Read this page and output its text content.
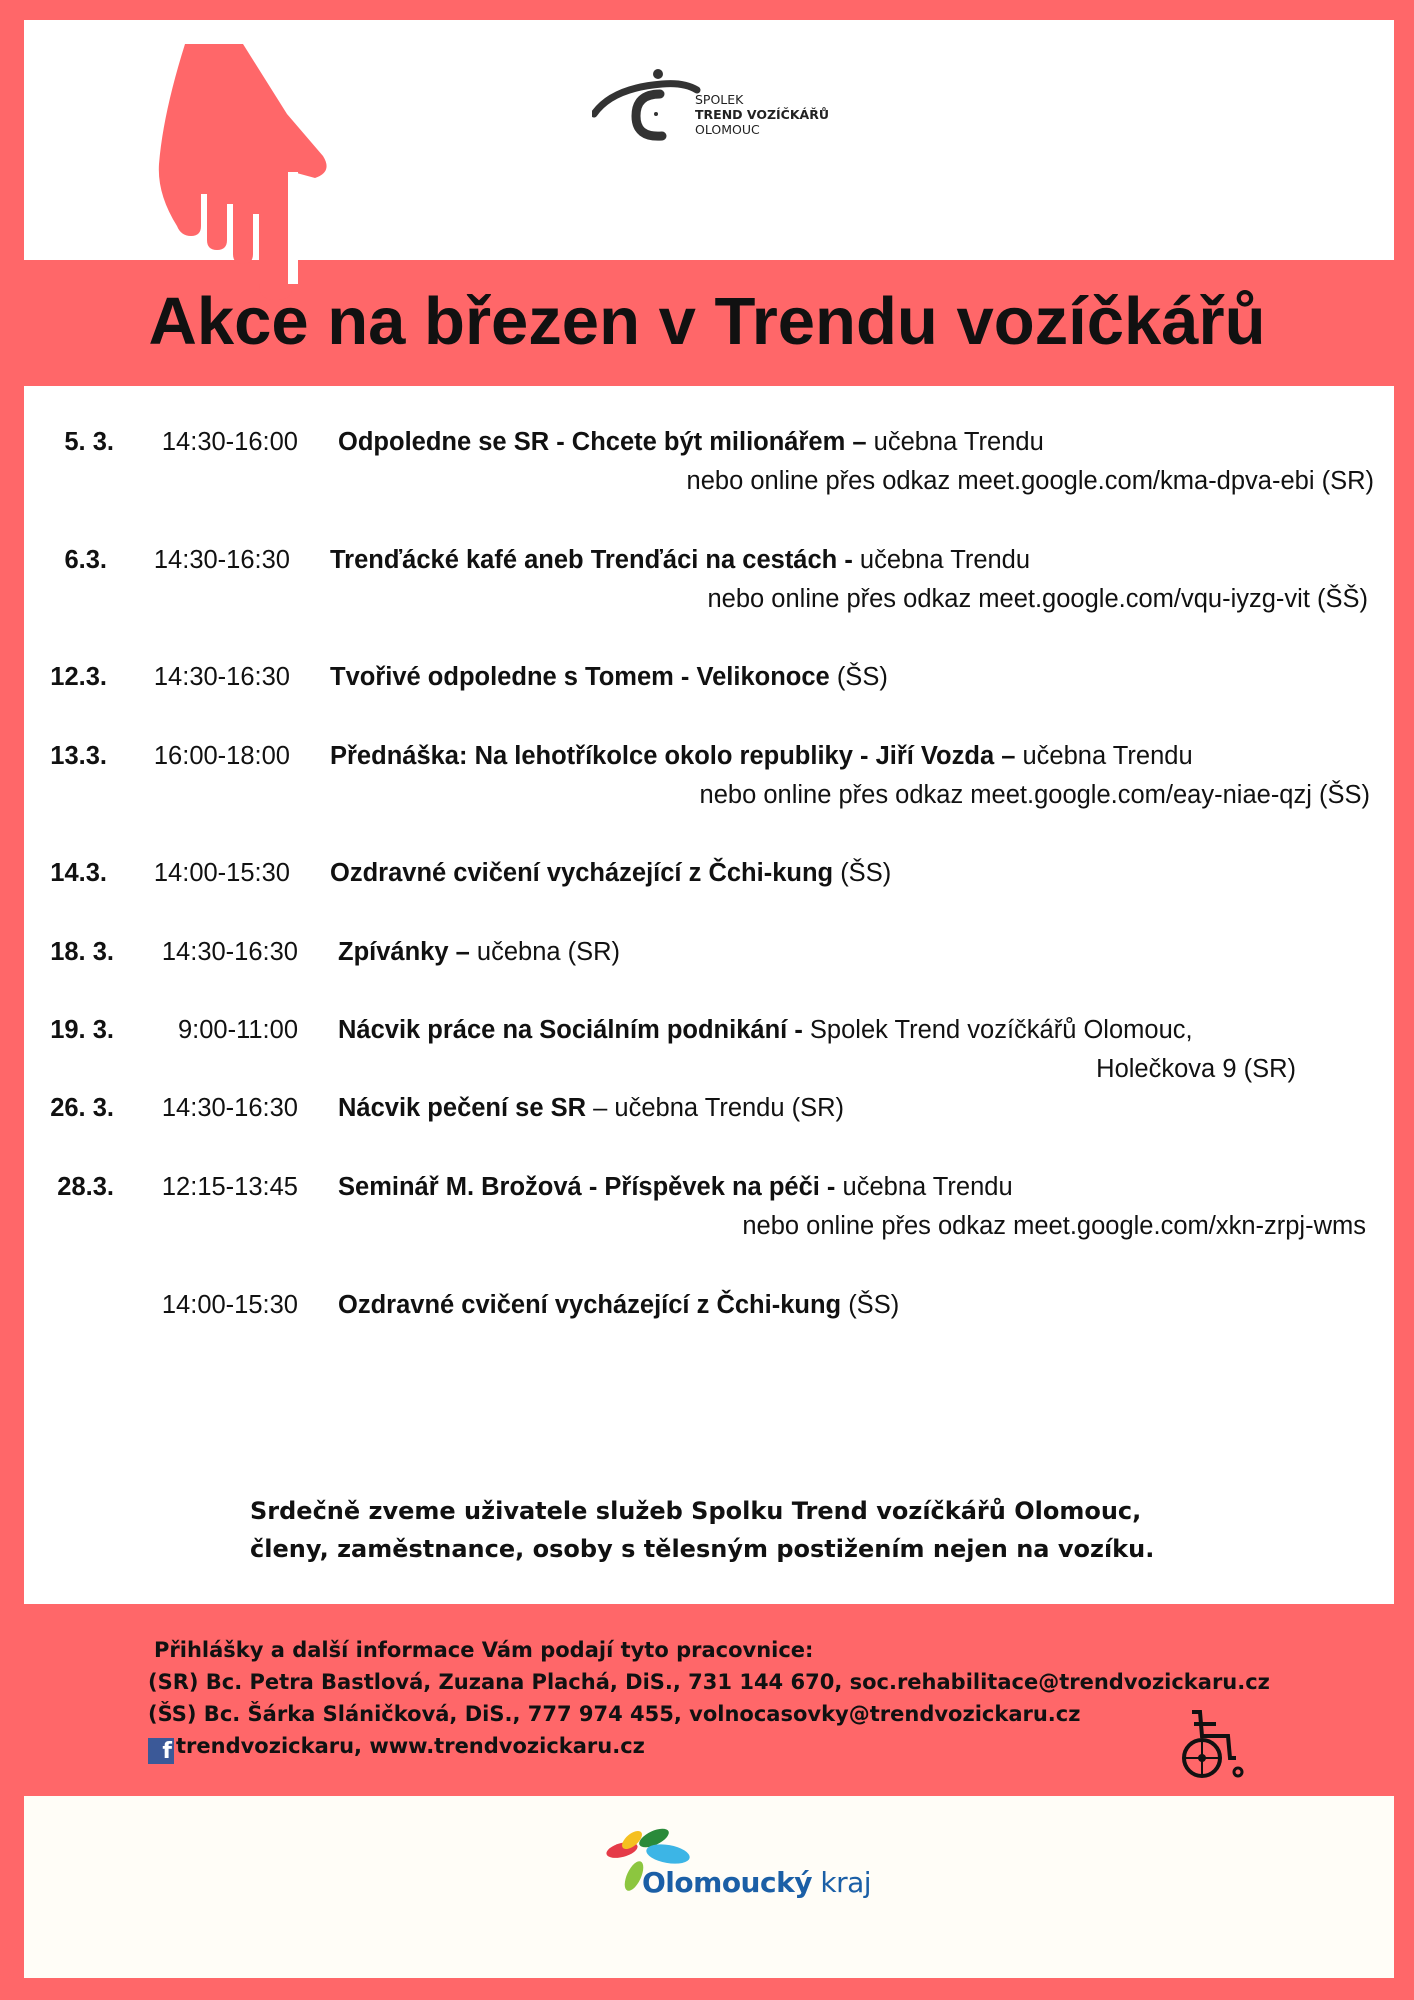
SPOLEK
TREND VOZÍČKÁŘŮ
OLOMOUC
Akce na březen v Trendu vozíčkářů
5. 3.	14:30-16:00 Odpoledne se SR - Chcete být milionářem – učebna Trendu
nebo online přes odkaz meet.google.com/kma-dpva-ebi (SR)
6.3.	14:30-16:30 Trenďácké kafé aneb Trenďáci na cestách - učebna Trendu
nebo online přes odkaz meet.google.com/vqu-iyzg-vit (ŠŠ)
12.3.	14:30-16:30 Tvořivé odpoledne s Tomem - Velikonoce (ŠS)
13.3.	16:00-18:00 Přednáška: Na lehotříkolce okolo republiky - Jiří Vozda – učebna Trendu
nebo online přes odkaz meet.google.com/eay-niae-qzj (ŠS)
14.3.	14:00-15:30 Ozdravné cvičení vycházející z Čchi-kung (ŠS)
18. 3.	14:30-16:30 Zpívánky – učebna (SR)
19. 3.	9:00-11:00 Nácvik práce na Sociálním podnikání - Spolek Trend vozíčkářů Olomouc,
Holečkova 9 (SR)
26. 3.	14:30-16:30 Nácvik pečení se SR – učebna Trendu (SR)
28.3.	12:15-13:45 Seminář M. Brožová - Příspěvek na péči - učebna Trendu
nebo online přes odkaz meet.google.com/xkn-zrpj-wms
14:00-15:30 Ozdravné cvičení vycházející z Čchi-kung (ŠS)
Srdečně zveme uživatele služeb Spolku Trend vozíčkářů Olomouc,
členy, zaměstnance, osoby s tělesným postižením nejen na vozíku.
Přihlášky a další informace Vám podají tyto pracovnice:
(SR) Bc. Petra Bastlová, Zuzana Plachá, DiS., 731 144 670, soc.rehabilitace@trendvozickaru.cz
(ŠS) Bc. Šárka Sláničková, DiS., 777 974 455, volnocasovky@trendvozickaru.cz
f trendvozickaru, www.trendvozickaru.cz
Olomoucký kraj
